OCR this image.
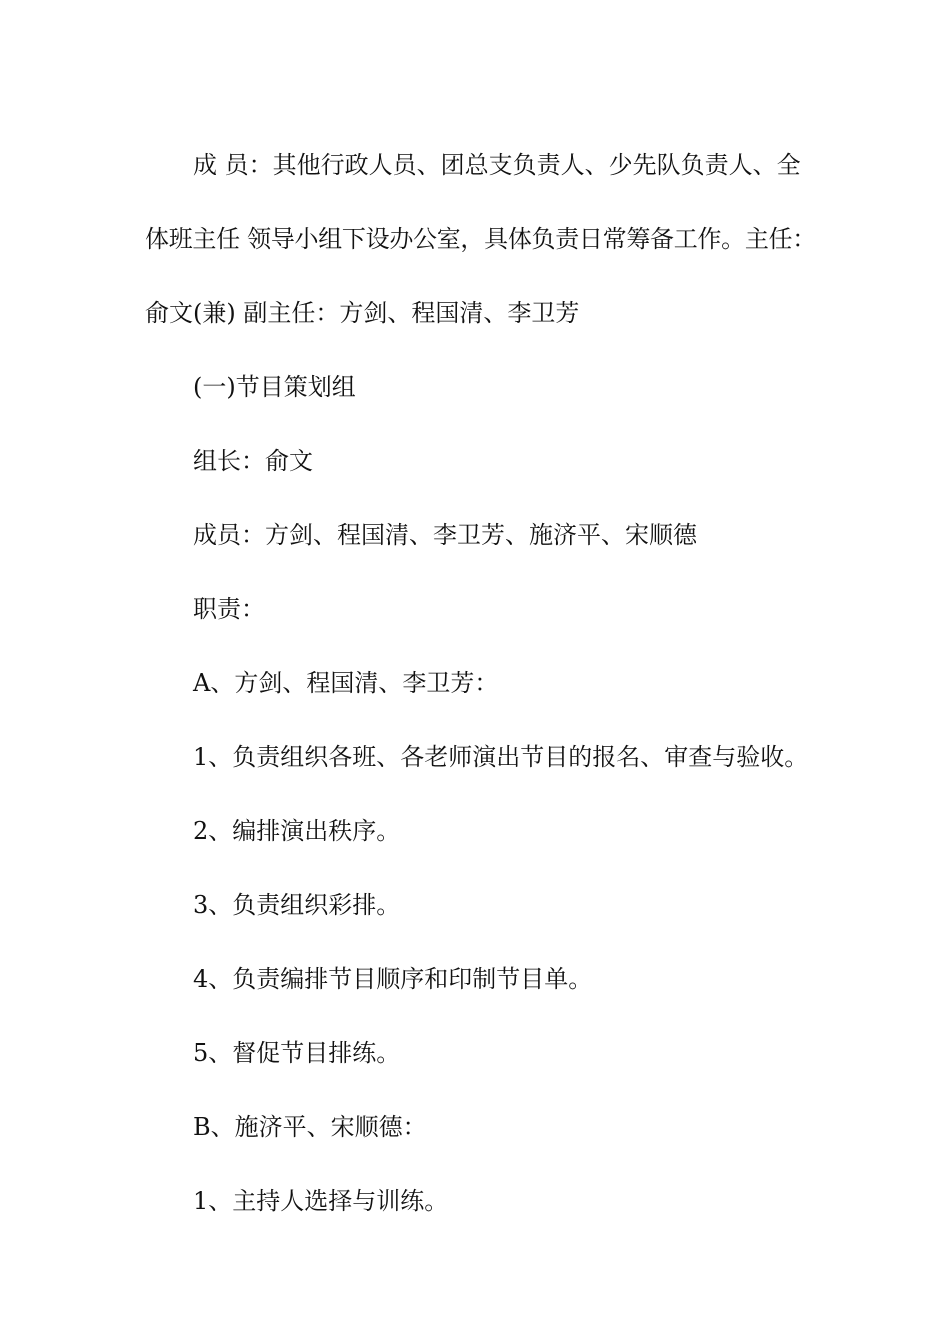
成 员：其他行政人员、团总支负责人、少先队负责人、全
体班主任 领导小组下设办公室，具体负责日常筹备工作。主任：
俞文(兼) 副主任：方剑、程国清、李卫芳
(一)节目策划组
组长：俞文
成员：方剑、程国清、李卫芳、施济平、宋顺德
职责：
A、方剑、程国清、李卫芳：
1、负责组织各班、各老师演出节目的报名、审查与验收。
2、编排演出秩序。
3、负责组织彩排。
4、负责编排节目顺序和印制节目单。
5、督促节目排练。
B、施济平、宋顺德：
1、主持人选择与训练。
